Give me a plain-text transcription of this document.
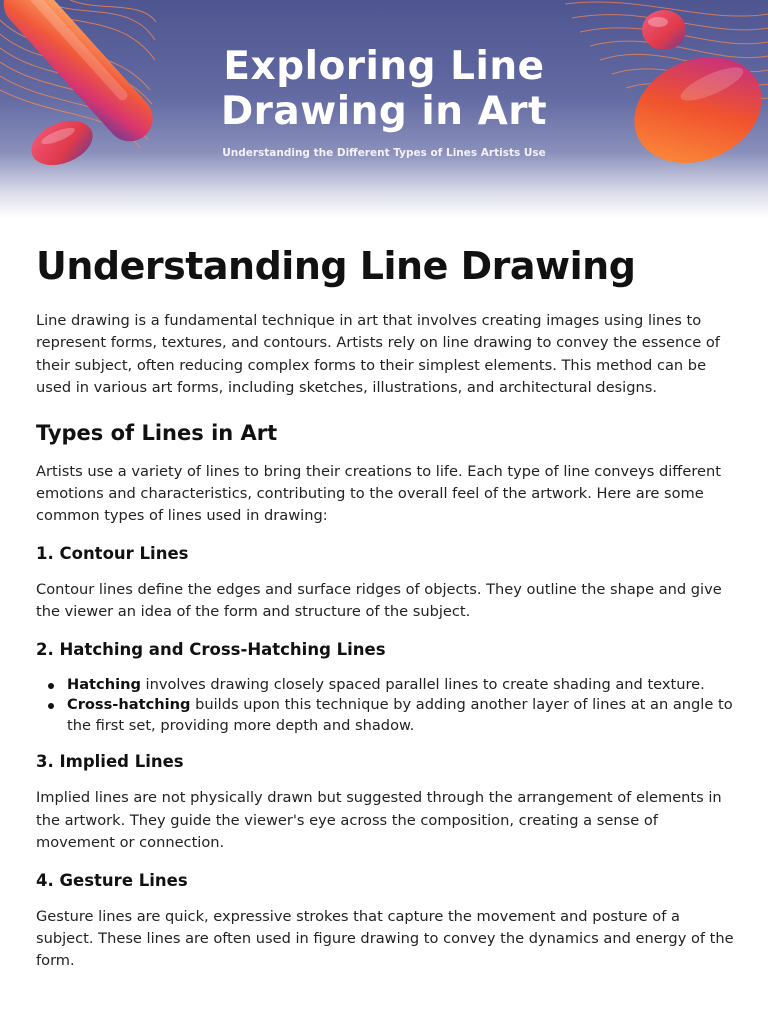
Exploring Line
Drawing in Art
Understanding the Different Types of Lines Artists Use
Understanding Line Drawing

Line drawing is a fundamental technique in art that involves creating images using lines to represent forms, textures, and contours. Artists rely on line drawing to convey the essence of their subject, often reducing complex forms to their simplest elements. This method can be used in various art forms, including sketches, illustrations, and architectural designs.

Types of Lines in Art

Artists use a variety of lines to bring their creations to life. Each type of line conveys different emotions and characteristics, contributing to the overall feel of the artwork. Here are some common types of lines used in drawing:

1. Contour Lines

Contour lines define the edges and surface ridges of objects. They outline the shape and give the viewer an idea of the form and structure of the subject.

2. Hatching and Cross-Hatching Lines
Hatching involves drawing closely spaced parallel lines to create shading and texture.
Cross-hatching builds upon this technique by adding another layer of lines at an angle to the first set, providing more depth and shadow.
3. Implied Lines

Implied lines are not physically drawn but suggested through the arrangement of elements in the artwork. They guide the viewer's eye across the composition, creating a sense of movement or connection.

4. Gesture Lines

Gesture lines are quick, expressive strokes that capture the movement and posture of a subject. These lines are often used in figure drawing to convey the dynamics and energy of the form.
